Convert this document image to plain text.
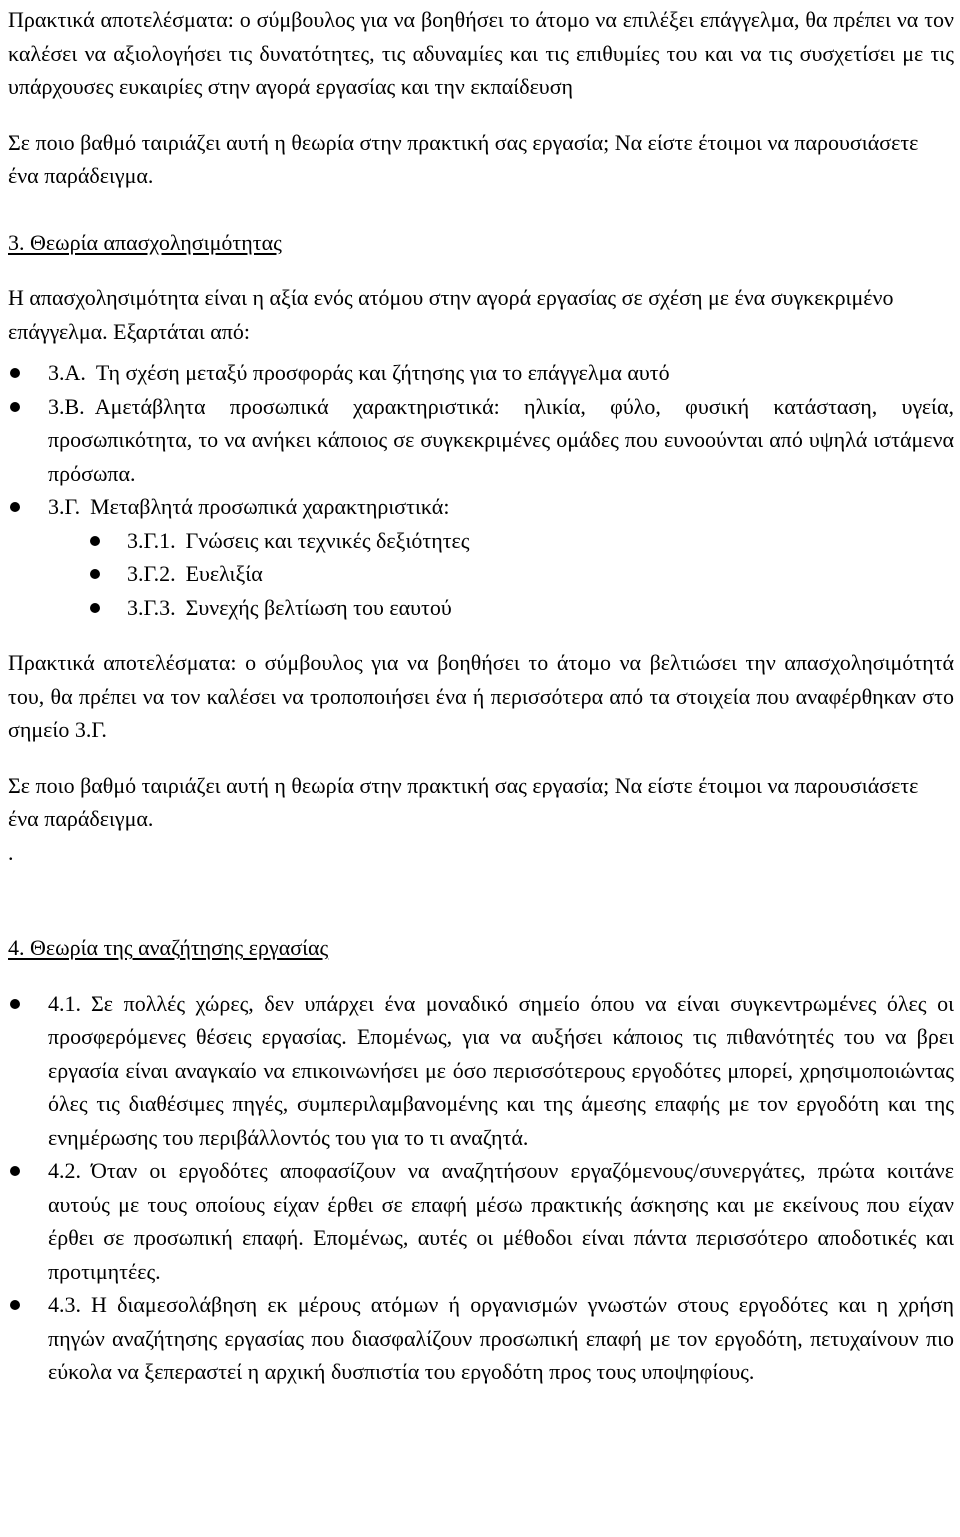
Πρακτικά αποτελέσματα: ο σύμβουλος για να βοηθήσει το άτομο να επιλέξει επάγγελμα, θα πρέπει να τον καλέσει να αξιολογήσει τις δυνατότητες, τις αδυναμίες και τις επιθυμίες του και να τις συσχετίσει με τις υπάρχουσες ευκαιρίες στην αγορά εργασίας και την εκπαίδευση

Σε ποιο βαθμό ταιριάζει αυτή η θεωρία στην πρακτική σας εργασία; Να είστε έτοιμοι να παρουσιάσετε ένα παράδειγμα.

3. Θεωρία απασχολησιμότητας

Η απασχολησιμότητα είναι η αξία ενός ατόμου στην αγορά εργασίας σε σχέση με ένα συγκεκριμένο επάγγελμα. Εξαρτάται από:

3.Α. Τη σχέση μεταξύ προσφοράς και ζήτησης για το επάγγελμα αυτό
3.Β. Αμετάβλητα προσωπικά χαρακτηριστικά: ηλικία, φύλο, φυσική κατάσταση, υγεία, προσωπικότητα, το να ανήκει κάποιος σε συγκεκριμένες ομάδες που ευνοούνται από υψηλά ιστάμενα πρόσωπα.
3.Γ. Μεταβλητά προσωπικά χαρακτηριστικά:
3.Γ.1. Γνώσεις και τεχνικές δεξιότητες
3.Γ.2. Ευελιξία
3.Γ.3. Συνεχής βελτίωση του εαυτού

Πρακτικά αποτελέσματα: ο σύμβουλος για να βοηθήσει το άτομο να βελτιώσει την απασχολησιμότητά του, θα πρέπει να τον καλέσει να τροποποιήσει ένα ή περισσότερα από τα στοιχεία που αναφέρθηκαν στο σημείο 3.Γ.

Σε ποιο βαθμό ταιριάζει αυτή η θεωρία στην πρακτική σας εργασία; Να είστε έτοιμοι να παρουσιάσετε ένα παράδειγμα.

.

4. Θεωρία της αναζήτησης εργασίας

4.1. Σε πολλές χώρες, δεν υπάρχει ένα μοναδικό σημείο όπου να είναι συγκεντρωμένες όλες οι προσφερόμενες θέσεις εργασίας. Επομένως, για να αυξήσει κάποιος τις πιθανότητές του να βρει εργασία είναι αναγκαίο να επικοινωνήσει με όσο περισσότερους εργοδότες μπορεί, χρησιμοποιώντας όλες τις διαθέσιμες πηγές, συμπεριλαμβανομένης και της άμεσης επαφής με τον εργοδότη και της ενημέρωσης του περιβάλλοντός του για το τι αναζητά.
4.2. Όταν οι εργοδότες αποφασίζουν να αναζητήσουν εργαζόμενους/συνεργάτες, πρώτα κοιτάνε αυτούς με τους οποίους είχαν έρθει σε επαφή μέσω πρακτικής άσκησης και με εκείνους που είχαν έρθει σε προσωπική επαφή. Επομένως, αυτές οι μέθοδοι είναι πάντα περισσότερο αποδοτικές και προτιμητέες.
4.3. Η διαμεσολάβηση εκ μέρους ατόμων ή οργανισμών γνωστών στους εργοδότες και η χρήση πηγών αναζήτησης εργασίας που διασφαλίζουν προσωπική επαφή με τον εργοδότη, πετυχαίνουν πιο εύκολα να ξεπεραστεί η αρχική δυσπιστία του εργοδότη προς τους υποψηφίους.
